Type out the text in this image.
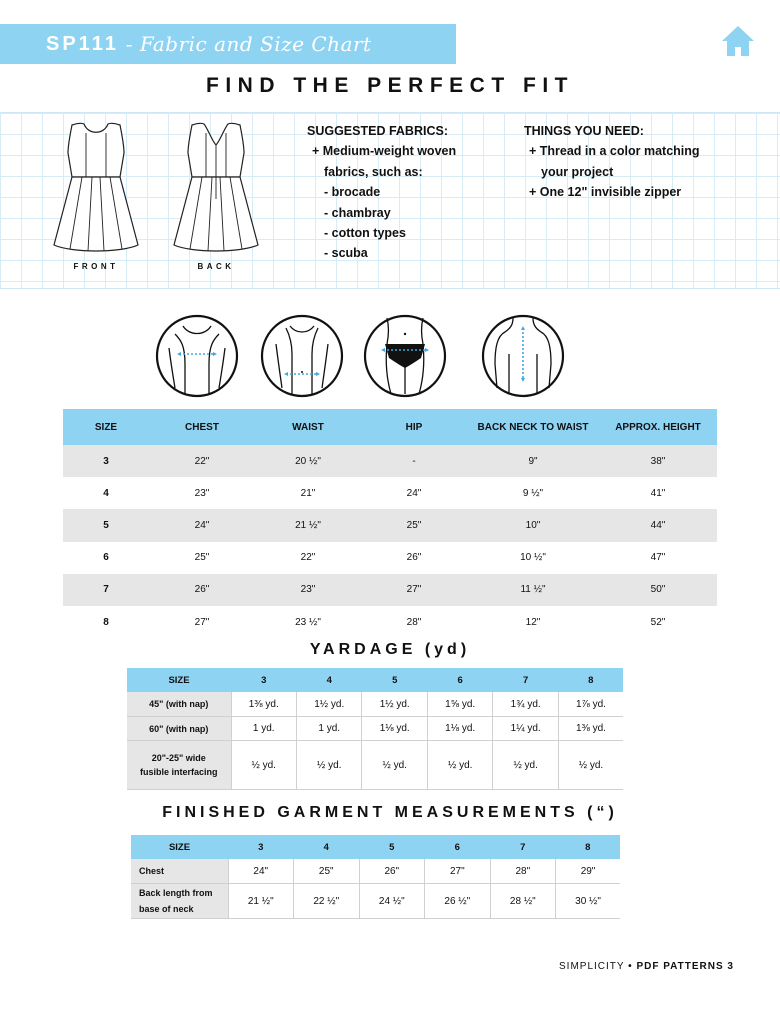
SP111 - Fabric and Size Chart
FIND THE PERFECT FIT
FRONT	BACK
SUGGESTED FABRICS:
+ Medium-weight woven
fabrics, such as:
- brocade
- chambray
- cotton types
- scuba
THINGS YOU NEED:
+ Thread in a color matching
your project
+ One 12" invisible zipper
SIZE	CHEST	WAIST	HIP	BACK NECK TO WAIST	APPROX. HEIGHT
3	22"	20 ½"	-	9"	38"
4	23"	21"	24"	9 ½"	41"
5	24"	21 ½"	25"	10"	44"
6	25"	22"	26"	10 ½"	47"
7	26"	23"	27"	11 ½"	50"
8	27"	23 ½"	28"	12"	52"
YARDAGE (yd)
SIZE	3	4	5	6	7	8
45" (with nap)	1⅜ yd.	1½ yd.	1½ yd.	1⅝ yd.	1¾ yd.	1⅞ yd.
60" (with nap)	1 yd.	1 yd.	1⅛ yd.	1⅛ yd.	1¼ yd.	1⅜ yd.

20"-25" wide
fusible interfacing	½ yd.	½ yd.	½ yd.	½ yd.	½ yd.	½ yd.
FINISHED GARMENT MEASUREMENTS (“)
SIZE	3	4	5	6	7	8
Chest	24"	25"	26"	27"	28"	29"

Back length from
base of neck	21 ½"	22 ½"	24 ½"	26 ½"	28 ½"	30 ½"
SIMPLICITY • PDF PATTERNS 3
